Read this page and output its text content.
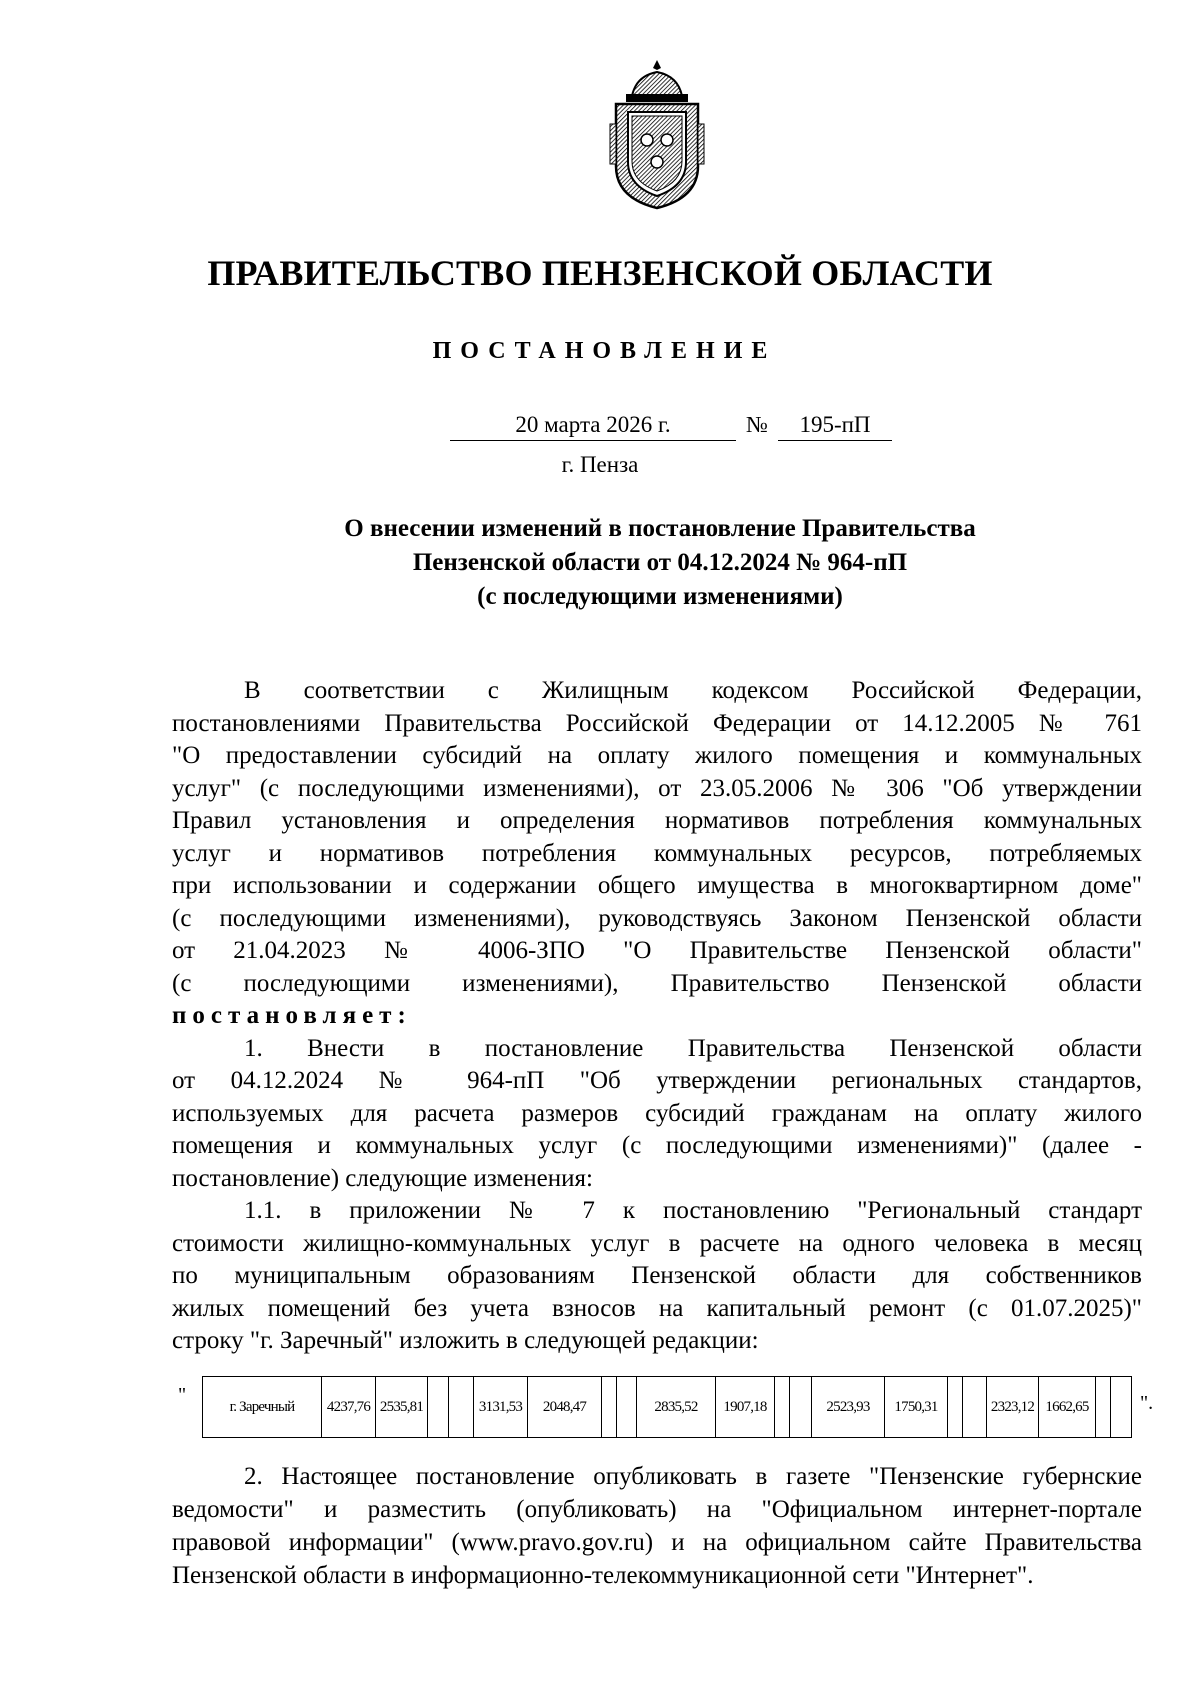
ПРАВИТЕЛЬСТВО ПЕНЗЕНСКОЙ ОБЛАСТИ
ПОСТАНОВЛЕНИЕ
20 марта 2026 г.	№	195-пП
г. Пенза
О внесении изменений в постановление Правительства
Пензенской области от 04.12.2024 № 964-пП
(с последующими изменениями)
В соответствии с Жилищным кодексом Российской Федерации,
постановлениями Правительства Российской Федерации от 14.12.2005 № 761
"О предоставлении субсидий на оплату жилого помещения и коммунальных
услуг" (с последующими изменениями), от 23.05.2006 № 306 "Об утверждении
Правил установления и определения нормативов потребления коммунальных
услуг и нормативов потребления коммунальных ресурсов, потребляемых
при использовании и содержании общего имущества в многоквартирном доме"
(с последующими изменениями), руководствуясь Законом Пензенской области
от 21.04.2023 № 4006-ЗПО "О Правительстве Пензенской области"
(с последующими изменениями), Правительство Пензенской области
постановляет:
1. Внести в постановление Правительства Пензенской области
от 04.12.2024 № 964-пП "Об утверждении региональных стандартов,
используемых для расчета размеров субсидий гражданам на оплату жилого
помещения и коммунальных услуг (с последующими изменениями)" (далее -
постановление) следующие изменения:
1.1. в приложении № 7 к постановлению "Региональный стандарт
стоимости жилищно-коммунальных услуг в расчете на одного человека в месяц
по муниципальным образованиям Пензенской области для собственников
жилых помещений без учета взносов на капитальный ремонт (с 01.07.2025)"
строку "г. Заречный" изложить в следующей редакции:
"
г. Заречный	4237,76	2535,81			3131,53	2048,47			2835,52	1907,18			2523,93	1750,31			2323,12	1662,65			".
2. Настоящее постановление опубликовать в газете "Пензенские губернские
ведомости" и разместить (опубликовать) на "Официальном интернет-портале
правовой информации" (www.pravo.gov.ru) и на официальном сайте Правительства
Пензенской области в информационно-телекоммуникационной сети "Интернет".
